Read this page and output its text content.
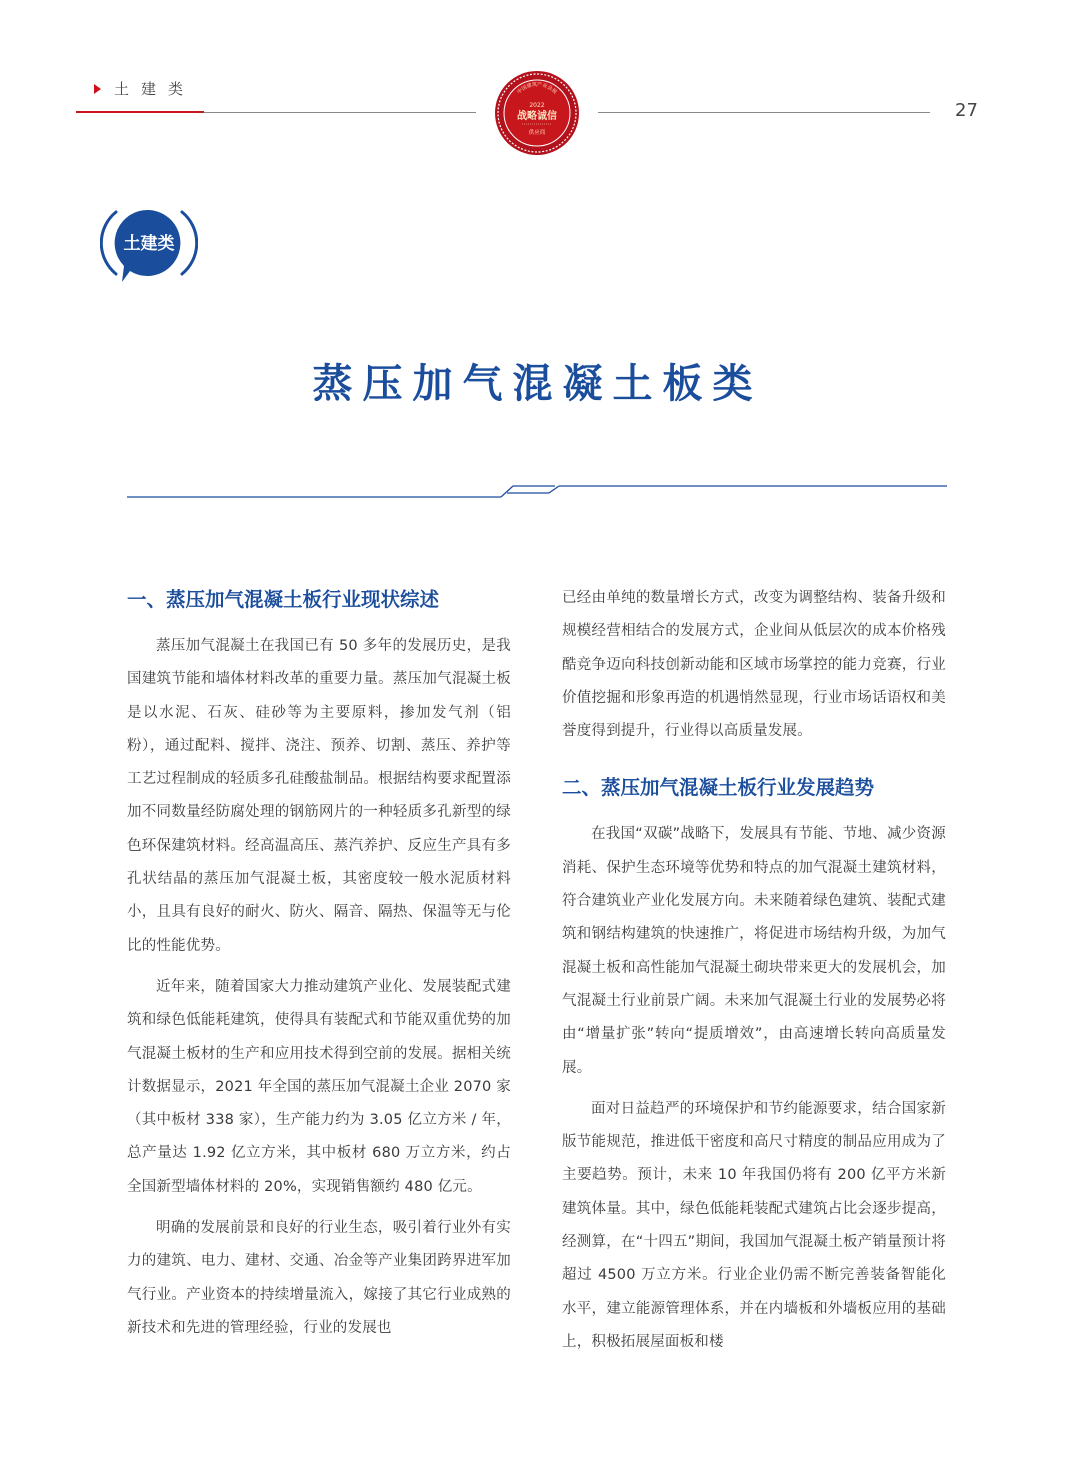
土建类
27
中国建筑产业会展
2022
战略诚信
供应商
土建类
蒸压加气混凝土板类
一、蒸压加气混凝土板行业现状综述

蒸压加气混凝土在我国已有 50 多年的发展历史，是我国建筑节能和墙体材料改革的重要力量。蒸压加气混凝土板是以水泥、石灰、硅砂等为主要原料，掺加发气剂（铝粉），通过配料、搅拌、浇注、预养、切割、蒸压、养护等工艺过程制成的轻质多孔硅酸盐制品。根据结构要求配置添加不同数量经防腐处理的钢筋网片的一种轻质多孔新型的绿色环保建筑材料。经高温高压、蒸汽养护、反应生产具有多孔状结晶的蒸压加气混凝土板，其密度较一般水泥质材料小，且具有良好的耐火、防火、隔音、隔热、保温等无与伦比的性能优势。

近年来，随着国家大力推动建筑产业化、发展装配式建筑和绿色低能耗建筑，使得具有装配式和节能双重优势的加气混凝土板材的生产和应用技术得到空前的发展。据相关统计数据显示，2021 年全国的蒸压加气混凝土企业 2070 家（其中板材 338 家），生产能力约为 3.05 亿立方米 / 年，总产量达 1.92 亿立方米，其中板材 680 万立方米，约占全国新型墙体材料的 20%，实现销售额约 480 亿元。

明确的发展前景和良好的行业生态，吸引着行业外有实力的建筑、电力、建材、交通、冶金等产业集团跨界进军加气行业。产业资本的持续增量流入，嫁接了其它行业成熟的新技术和先进的管理经验，行业的发展也

已经由单纯的数量增长方式，改变为调整结构、装备升级和规模经营相结合的发展方式，企业间从低层次的成本价格残酷竞争迈向科技创新动能和区域市场掌控的能力竞赛，行业价值挖掘和形象再造的机遇悄然显现，行业市场话语权和美誉度得到提升，行业得以高质量发展。

二、蒸压加气混凝土板行业发展趋势

在我国“双碳”战略下，发展具有节能、节地、减少资源消耗、保护生态环境等优势和特点的加气混凝土建筑材料，符合建筑业产业化发展方向。未来随着绿色建筑、装配式建筑和钢结构建筑的快速推广，将促进市场结构升级，为加气混凝土板和高性能加气混凝土砌块带来更大的发展机会，加气混凝土行业前景广阔。未来加气混凝土行业的发展势必将由“增量扩张”转向“提质增效”，由高速增长转向高质量发展。

面对日益趋严的环境保护和节约能源要求，结合国家新版节能规范，推进低干密度和高尺寸精度的制品应用成为了主要趋势。预计，未来 10 年我国仍将有 200 亿平方米新建筑体量。其中，绿色低能耗装配式建筑占比会逐步提高，经测算，在“十四五”期间，我国加气混凝土板产销量预计将超过 4500 万立方米。行业企业仍需不断完善装备智能化水平，建立能源管理体系，并在内墙板和外墙板应用的基础上，积极拓展屋面板和楼
